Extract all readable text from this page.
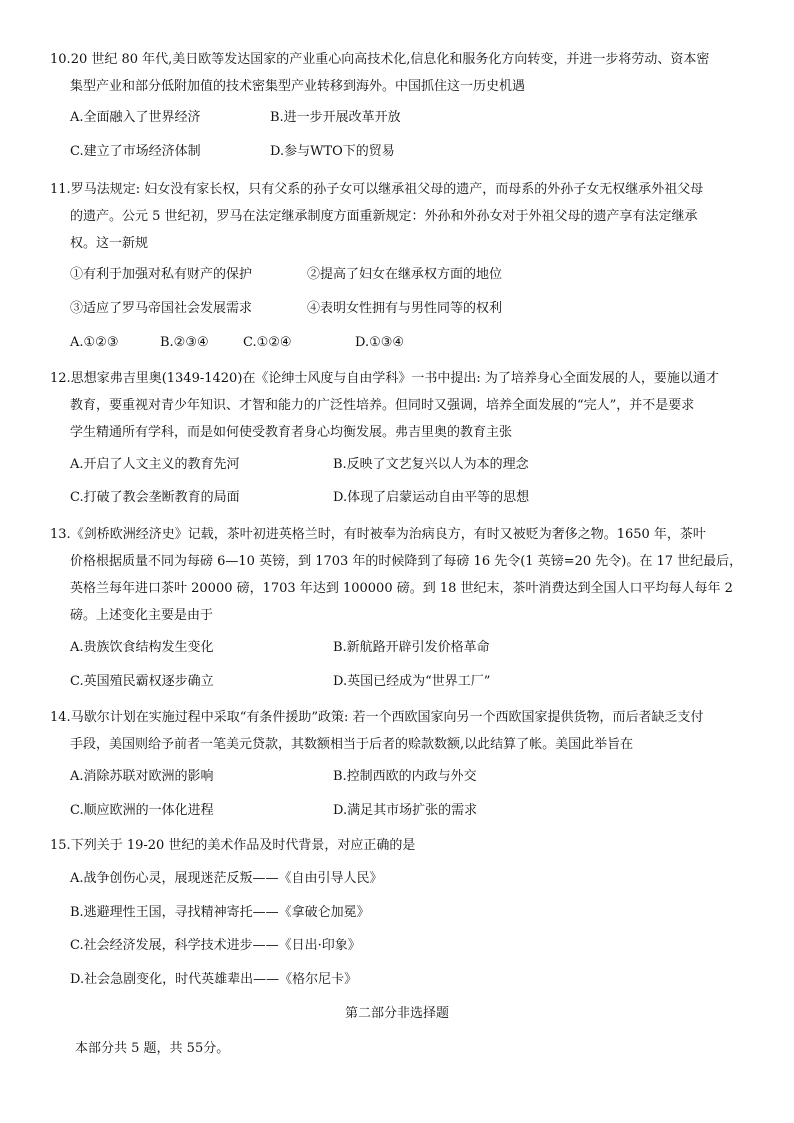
10.20 世纪 80 年代,美日欧等发达国家的产业重心向高技术化,信息化和服务化方向转变，并进一步将劳动、资本密
集型产业和部分低附加值的技术密集型产业转移到海外。中国抓住这一历史机遇
A.全面融入了世界经济	B.进一步开展改革开放
C.建立了市场经济体制	D.参与WTO下的贸易
11.罗马法规定: 妇女没有家长权，只有父系的孙子女可以继承祖父母的遗产，而母系的外孙子女无权继承外祖父母
的遗产。公元 5 世纪初，罗马在法定继承制度方面重新规定：外孙和外孙女对于外祖父母的遗产享有法定继承
权。这一新规
①有利于加强对私有财产的保护	②提高了妇女在继承权方面的地位
③适应了罗马帝国社会发展需求	④表明女性拥有与男性同等的权利
A.①②③	B.②③④	C.①②④	D.①③④
12.思想家弗吉里奥(1349-1420)在《论绅士风度与自由学科》一书中提出: 为了培养身心全面发展的人，要施以通才
教育，要重视对青少年知识、才智和能力的广泛性培养。但同时又强调，培养全面发展的“完人”，并不是要求
学生精通所有学科，而是如何使受教育者身心均衡发展。弗吉里奥的教育主张
A.开启了人文主义的教育先河	B.反映了文艺复兴以人为本的理念
C.打破了教会垄断教育的局面	D.体现了启蒙运动自由平等的思想
13.《剑桥欧洲经济史》记载，茶叶初进英格兰时，有时被奉为治病良方，有时又被贬为奢侈之物。1650 年，茶叶
价格根据质量不同为每磅 6—10 英镑，到 1703 年的时候降到了每磅 16 先令(1 英镑=20 先令)。在 17 世纪最后，
英格兰每年进口茶叶 20000 磅，1703 年达到 100000 磅。到 18 世纪末，茶叶消费达到全国人口平均每人每年 2
磅。上述变化主要是由于
A.贵族饮食结构发生变化	B.新航路开辟引发价格革命
C.英国殖民霸权逐步确立	D.英国已经成为“世界工厂”
14.马歇尔计划在实施过程中采取“有条件援助”政策: 若一个西欧国家向另一个西欧国家提供货物，而后者缺乏支付
手段，美国则给予前者一笔美元贷款，其数额相当于后者的赊款数额,以此结算了帐。美国此举旨在
A.消除苏联对欧洲的影响	B.控制西欧的内政与外交
C.顺应欧洲的一体化进程	D.满足其市场扩张的需求
15.下列关于 19-20 世纪的美术作品及时代背景，对应正确的是
A.战争创伤心灵，展现迷茫反叛——《自由引导人民》
B.逃避理性王国，寻找精神寄托——《拿破仑加冕》
C.社会经济发展，科学技术进步——《日出·印象》
D.社会急剧变化，时代英雄辈出——《格尔尼卡》
第二部分非选择题
本部分共 5 题，共 55分。
